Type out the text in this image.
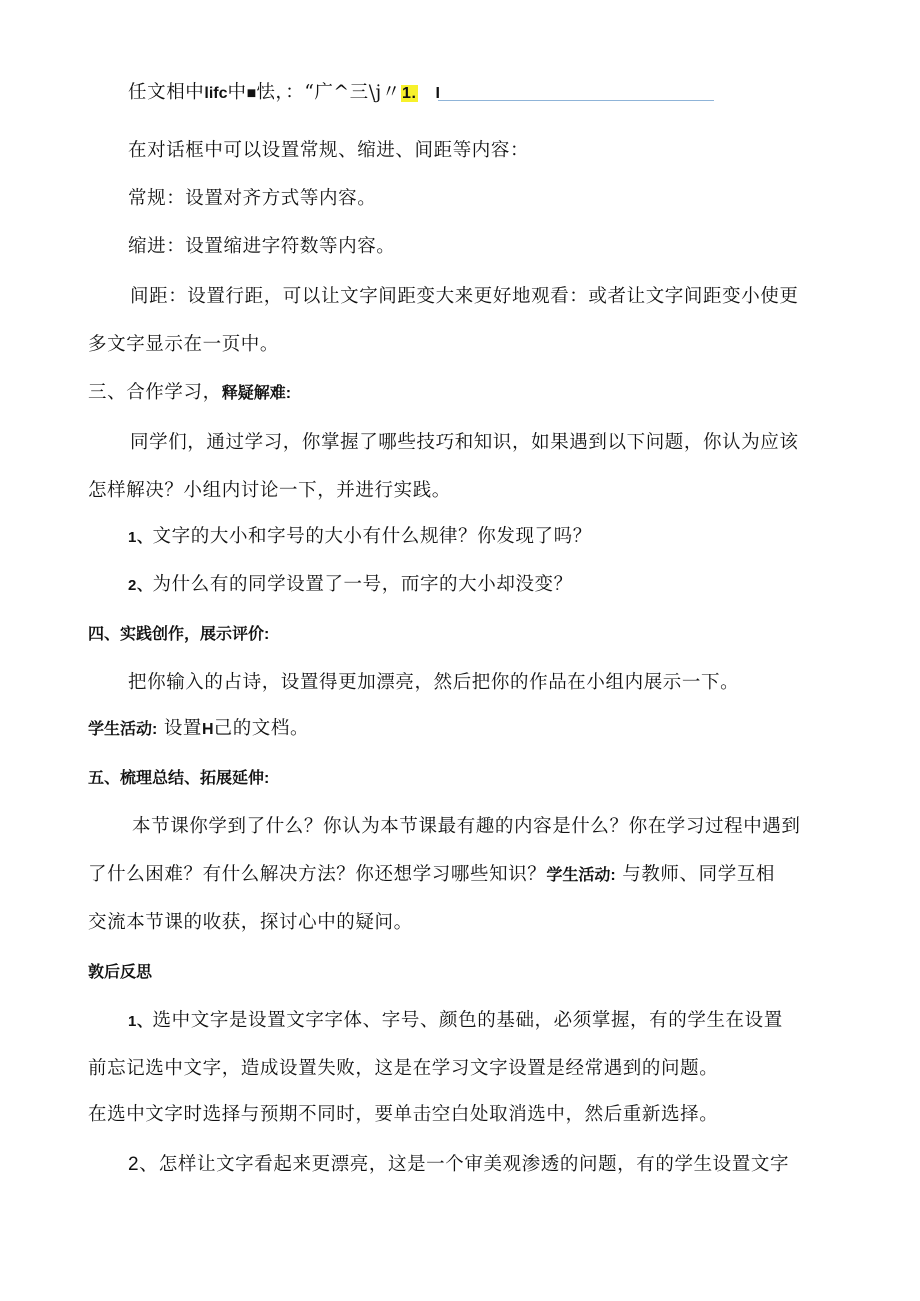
任文相中lifc中■怯，：“广^三\j〃1. I
在对话框中可以设置常规、缩进、间距等内容：
常规：设置对齐方式等内容。
缩进：设置缩进字符数等内容。
间距：设置行距，可以让文字间距变大来更好地观看：或者让文字间距变小使更
多文字显示在一页中。
三、合作学习，释疑解难:
同学们，通过学习，你掌握了哪些技巧和知识，如果遇到以下问题，你认为应该
怎样解决？小组内讨论一下，并进行实践。
1、文字的大小和字号的大小有什么规律？你发现了吗？
2、为什么有的同学设置了一号，而字的大小却没变？
四、实践创作，展示评价:
把你输入的占诗，设置得更加漂亮，然后把你的作品在小组内展示一下。
学生活动: 设置H己的文档。
五、梳理总结、拓展延伸:
本节课你学到了什么？你认为本节课最有趣的内容是什么？你在学习过程中遇到
了什么困难？有什么解决方法？你还想学习哪些知识？学生活动: 与教师、同学互相
交流本节课的收获，探讨心中的疑问。
敦后反思
1、选中文字是设置文字字体、字号、颜色的基础，必须掌握，有的学生在设置
前忘记选中文字，造成设置失败，这是在学习文字设置是经常遇到的问题。
在选中文字时选择与预期不同时，要单击空白处取消选中，然后重新选择。
2、怎样让文字看起来更漂亮，这是一个审美观渗透的问题，有的学生设置文字
